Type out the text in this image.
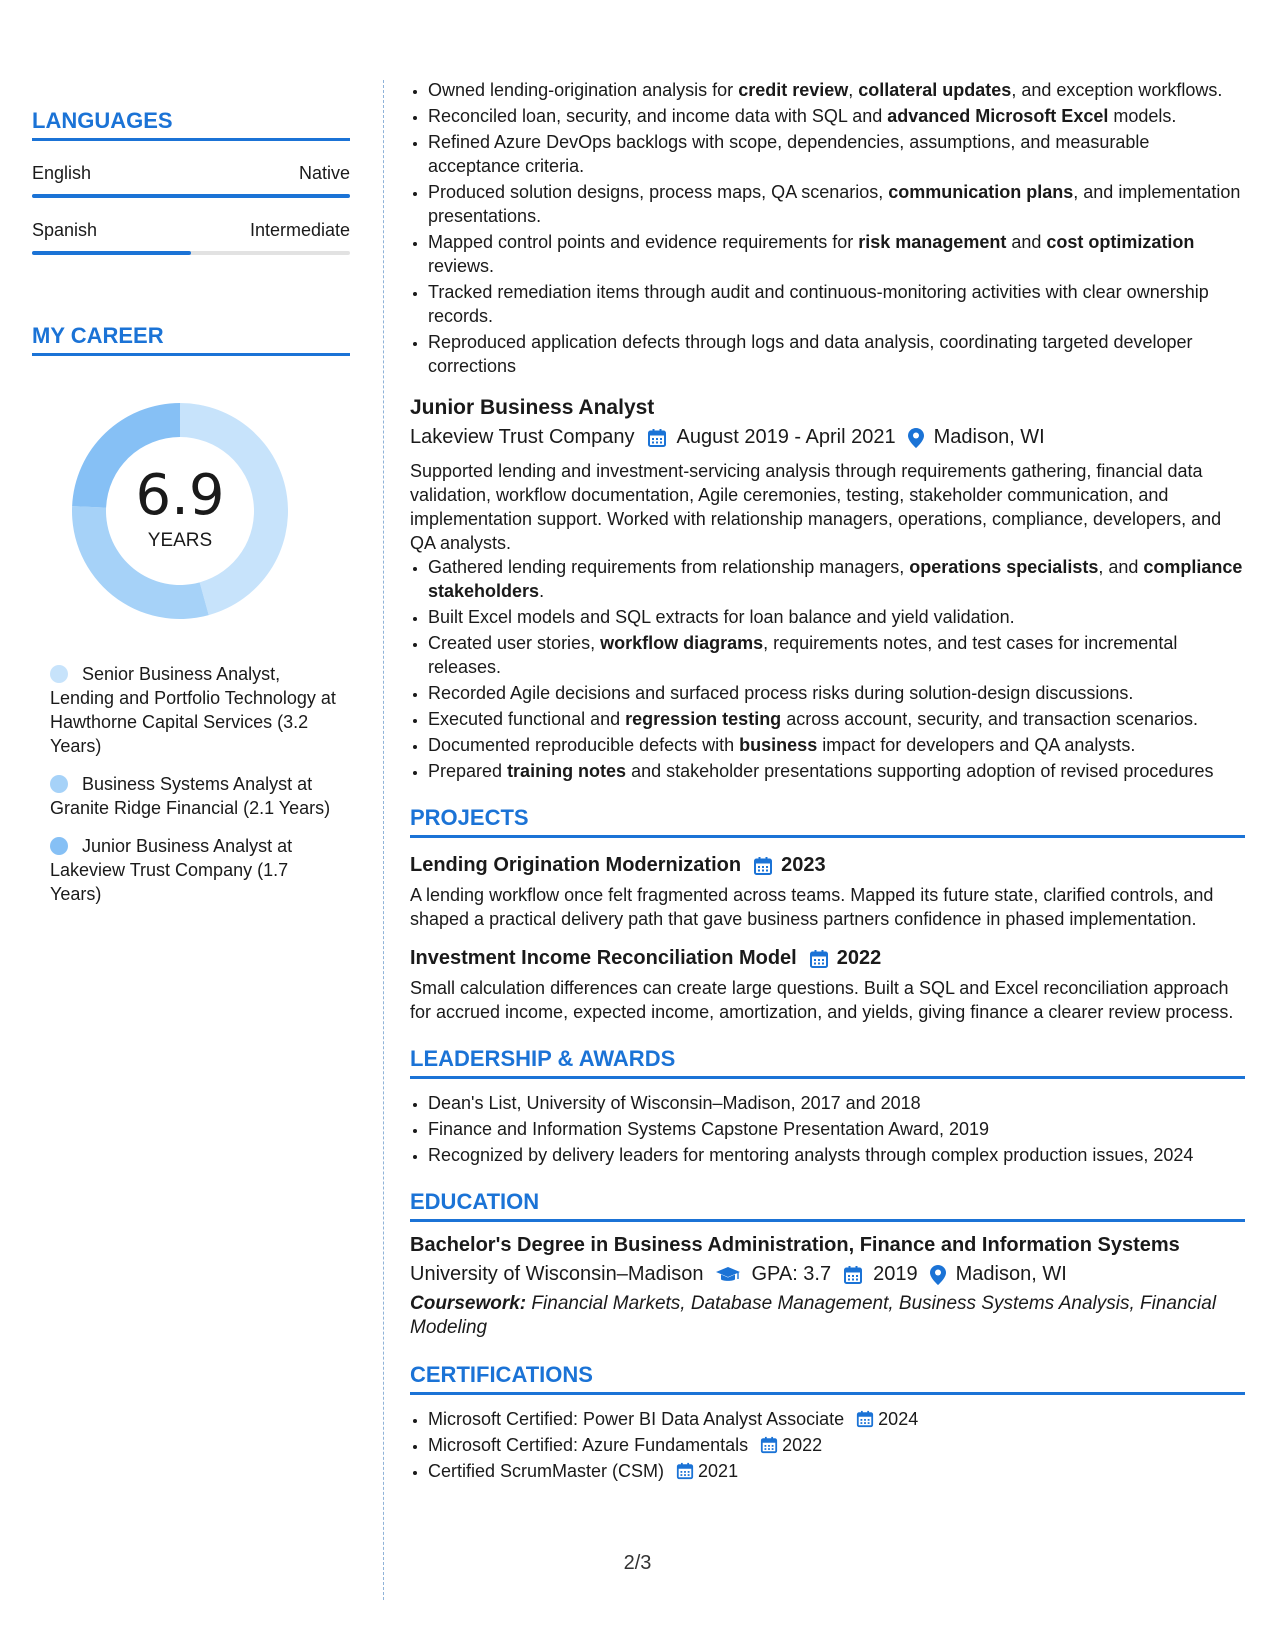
LANGUAGES
English	Native
Spanish	Intermediate
MY CAREER
6.9
YEARS
Senior Business Analyst, Lending and Portfolio Technology at Hawthorne Capital Services (3.2 Years)
Business Systems Analyst at Granite Ridge Financial (2.1 Years)
Junior Business Analyst at Lakeview Trust Company (1.7 Years)
• Owned lending-origination analysis for credit review, collateral updates, and exception workflows.
• Reconciled loan, security, and income data with SQL and advanced Microsoft Excel models.
• Refined Azure DevOps backlogs with scope, dependencies, assumptions, and measurable acceptance criteria.
• Produced solution designs, process maps, QA scenarios, communication plans, and implementation presentations.
• Mapped control points and evidence requirements for risk management and cost optimization reviews.
• Tracked remediation items through audit and continuous-monitoring activities with clear ownership records.
• Reproduced application defects through logs and data analysis, coordinating targeted developer corrections
Junior Business Analyst
Lakeview Trust Company August 2019 - April 2021 Madison, WI
Supported lending and investment-servicing analysis through requirements gathering, financial data validation, workflow documentation, Agile ceremonies, testing, stakeholder communication, and implementation support. Worked with relationship managers, operations, compliance, developers, and QA analysts.
• Gathered lending requirements from relationship managers, operations specialists, and compliance stakeholders.
• Built Excel models and SQL extracts for loan balance and yield validation.
• Created user stories, workflow diagrams, requirements notes, and test cases for incremental releases.
• Recorded Agile decisions and surfaced process risks during solution-design discussions.
• Executed functional and regression testing across account, security, and transaction scenarios.
• Documented reproducible defects with business impact for developers and QA analysts.
• Prepared training notes and stakeholder presentations supporting adoption of revised procedures
PROJECTS
Lending Origination Modernization 2023
A lending workflow once felt fragmented across teams. Mapped its future state, clarified controls, and shaped a practical delivery path that gave business partners confidence in phased implementation.
Investment Income Reconciliation Model 2022
Small calculation differences can create large questions. Built a SQL and Excel reconciliation approach for accrued income, expected income, amortization, and yields, giving finance a clearer review process.
LEADERSHIP & AWARDS
• Dean's List, University of Wisconsin–Madison, 2017 and 2018
• Finance and Information Systems Capstone Presentation Award, 2019
• Recognized by delivery leaders for mentoring analysts through complex production issues, 2024
EDUCATION
Bachelor's Degree in Business Administration, Finance and Information Systems
University of Wisconsin–Madison GPA: 3.7 2019 Madison, WI
Coursework: Financial Markets, Database Management, Business Systems Analysis, Financial Modeling
CERTIFICATIONS
• Microsoft Certified: Power BI Data Analyst Associate 2024
• Microsoft Certified: Azure Fundamentals 2022
• Certified ScrumMaster (CSM) 2021
2/3
